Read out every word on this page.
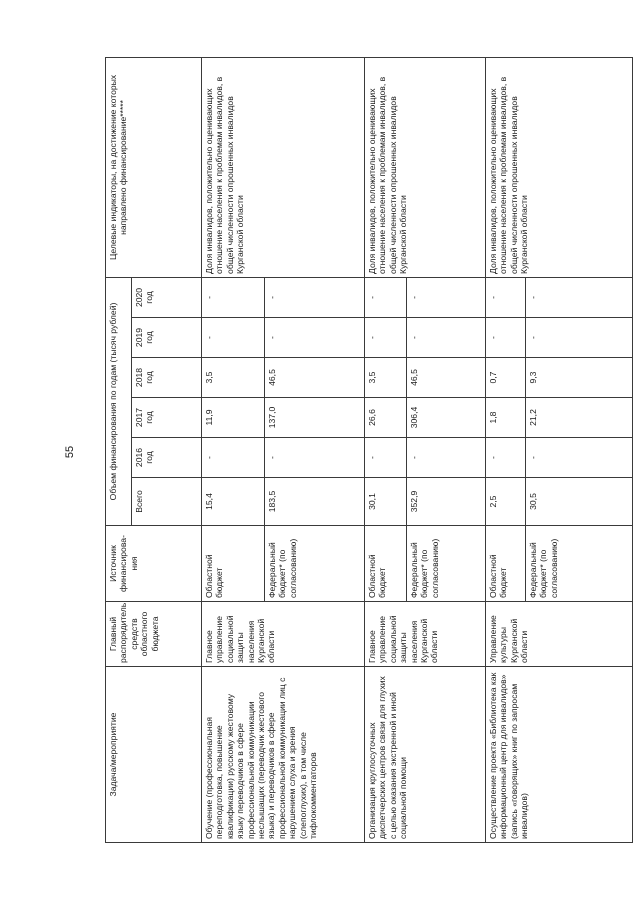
55
Задача/мероприятие	Главный распорядитель средств областного бюджета	Источник финансирова-ния	Объем финансирования по годам (тысяч рублей)						Целевые индикаторы, на достижение которых направлено финансирование*****
			Всего	2016 год	2017 год	2018 год	2019 год	2020 год	
Обучение (профессиональная переподготовка, повышение квалификации) русскому жестовому языку переводчиков в сфере профессиональной коммуникации неслышащих (переводчик жестового языка) и переводчиков в сфере профессиональной коммуникации лиц с нарушением слуха и зрения (слепоглухих), в том числе тифлокомментаторов	Главное управление социальной защиты населения Курганской области	Областной бюджет	15,4	-	11,9	3,5	-	-	Доля инвалидов, положительно оценивающих отношение населения к проблемам инвалидов, в общей численности опрошенных инвалидов Курганской области
		Федеральный бюджет* (по согласованию)	183,5	-	137,0	46,5	-	-	
Организация круглосуточных диспетчерских центров связи для глухих с целью оказания экстренной и иной социальной помощи	Главное управление социальной защиты населения Курганской области	Областной бюджет	30,1	-	26,6	3,5	-	-	Доля инвалидов, положительно оценивающих отношение населения к проблемам инвалидов, в общей численности опрошенных инвалидов Курганской области
		Федеральный бюджет* (по согласованию)	352,9	-	306,4	46,5	-	-	
Осуществление проекта «Библиотека как информационный центр для инвалидов» (запись «говорящих» книг по запросам инвалидов)	Управление культуры Курганской области	Областной бюджет	2,5	-	1,8	0,7	-	-	Доля инвалидов, положительно оценивающих отношение населения к проблемам инвалидов, в общей численности опрошенных инвалидов Курганской области
		Федеральный бюджет* (по согласованию)	30,5	-	21,2	9,3	-	-	
